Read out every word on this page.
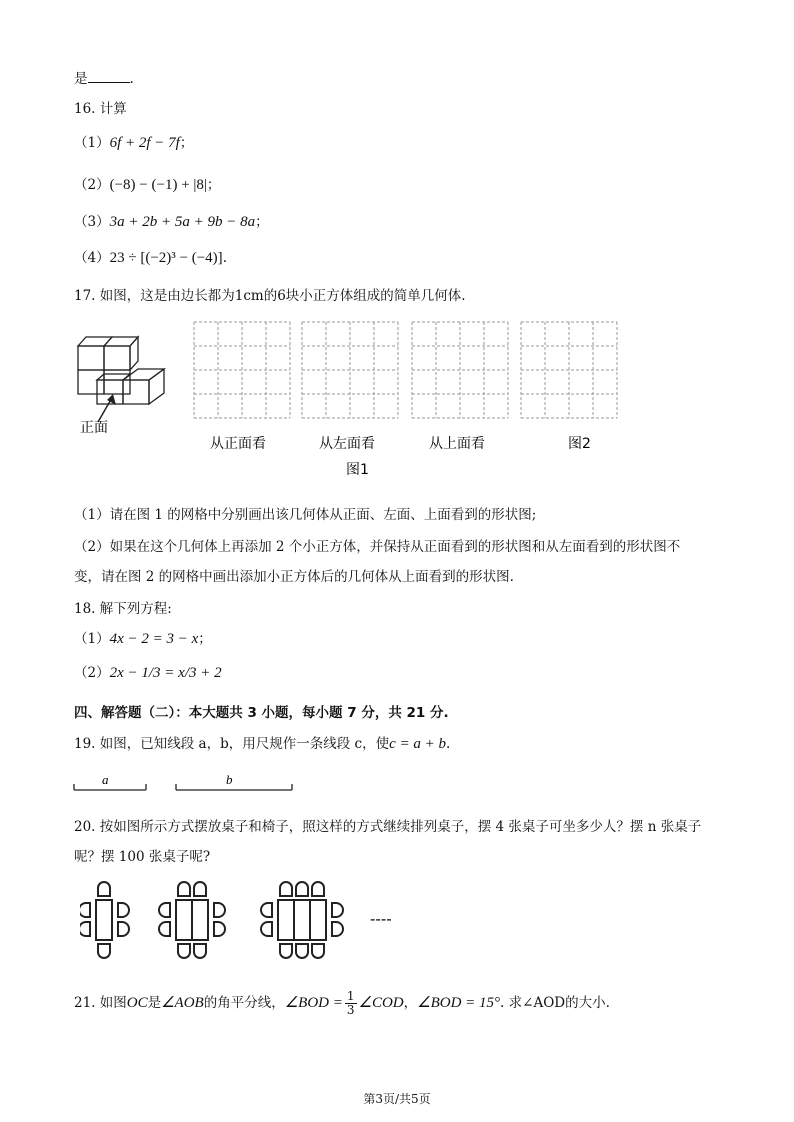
是	.
16. 计算
（1）6f + 2f − 7f；
（2）(−8) − (−1) + |8|；
（3）3a + 2b + 5a + 9b − 8a；
（4）23 ÷ [(−2)³ − (−4)].
17. 如图，这是由边长都为1cm的6块小正方体组成的简单几何体.
正面
从正面看	从左面看	从上面看	图2
图1
（1）请在图 1 的网格中分别画出该几何体从正面、左面、上面看到的形状图;
（2）如果在这个几何体上再添加 2 个小正方体，并保持从正面看到的形状图和从左面看到的形状图不
变，请在图 2 的网格中画出添加小正方体后的几何体从上面看到的形状图.
18. 解下列方程:
（1）4x − 2 = 3 − x；
（2）2x − 1/3 = x/3 + 2
四、解答题（二）：本大题共 3 小题，每小题 7 分，共 21 分.
19. 如图，已知线段 a，b，用尺规作一条线段 c，使c = a + b.
a	b
20. 按如图所示方式摆放桌子和椅子，照这样的方式继续排列桌子，摆 4 张桌子可坐多少人？摆 n 张桌子
呢？摆 100 张桌子呢?
----
21. 如图OC是∠AOB的角平分线，∠BOD = $\frac{1}{3}$ ∠COD，∠BOD = 15°. 求∠AOD的大小.
第3页/共5页
